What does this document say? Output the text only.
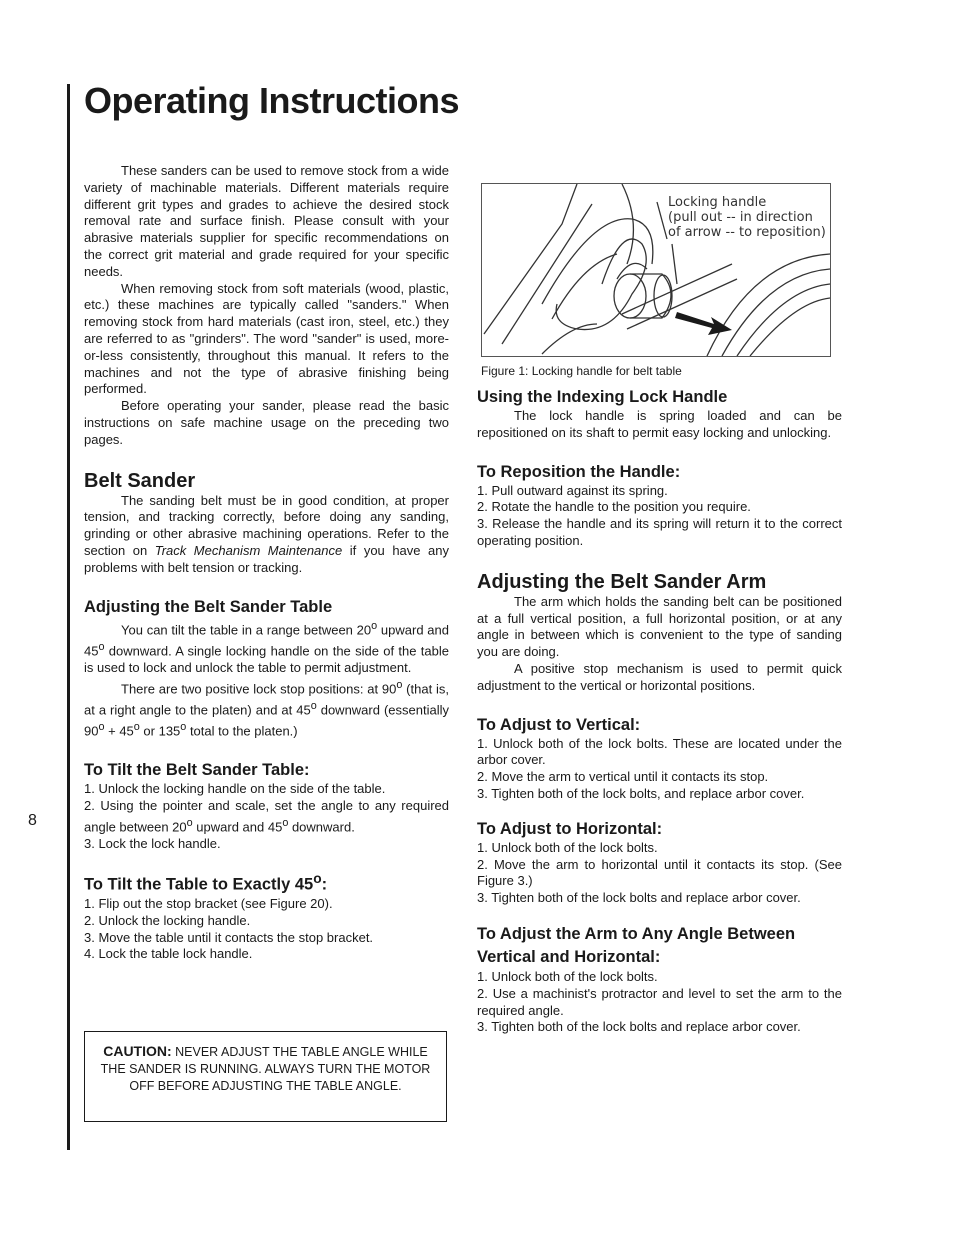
8
Operating Instructions

These sanders can be used to remove stock from a wide variety of machinable materials. Different materials require different grit types and grades to achieve the desired stock removal rate and surface finish. Please consult with your abrasive materials supplier for specific recommendations on the correct grit material and grade required for your specific needs.

When removing stock from soft materials (wood, plastic, etc.) these machines are typically called "sanders." When removing stock from hard materials (cast iron, steel, etc.) they are referred to as "grinders". The word "sander" is used, more-or-less consistently, throughout this manual. It refers to the machines and not the type of abrasive finishing being performed.

Before operating your sander, please read the basic instructions on safe machine usage on the preceding two pages.

Belt Sander

The sanding belt must be in good condition, at proper tension, and tracking correctly, before doing any sanding, grinding or other abrasive machining operations. Refer to the section on Track Mechanism Maintenance if you have any problems with belt tension or tracking.

Adjusting the Belt Sander Table

You can tilt the table in a range between 20$^o$ upward and 45$^o$ downward. A single locking handle on the side of the table is used to lock and unlock the table to permit adjustment.

There are two positive lock stop positions: at 90$^o$ (that is, at a right angle to the platen) and at 45$^o$ downward (essentially $90^o + 45^o$ or 135$^o$ total to the platen.)

To Tilt the Belt Sander Table:
1. Unlock the locking handle on the side of the table.
2. Using the pointer and scale, set the angle to any required angle between 20$^o$ upward and 45$^o$ downward.
3. Lock the lock handle.
To Tilt the Table to Exactly 45$^o$:
1. Flip out the stop bracket (see Figure 20).
2. Unlock the locking handle.
3. Move the table until it contacts the stop bracket.
4. Lock the table lock handle.
CAUTION: NEVER ADJUST THE TABLE ANGLE WHILE THE SANDER IS RUNNING. ALWAYS TURN THE MOTOR OFF BEFORE ADJUSTING THE TABLE ANGLE.
Locking handle
(pull out -- in direction
of arrow -- to reposition)
Figure 1: Locking handle for belt table
Using the Indexing Lock Handle

The lock handle is spring loaded and can be repositioned on its shaft to permit easy locking and unlocking.

To Reposition the Handle:
1. Pull outward against its spring.
2. Rotate the handle to the position you require.
3. Release the handle and its spring will return it to the correct operating position.
Adjusting the Belt Sander Arm

The arm which holds the sanding belt can be positioned at a full vertical position, a full horizontal position, or at any angle in between which is convenient to the type of sanding you are doing.

A positive stop mechanism is used to permit quick adjustment to the vertical or horizontal positions.

To Adjust to Vertical:
1. Unlock both of the lock bolts. These are located under the arbor cover.
2. Move the arm to vertical until it contacts its stop.
3. Tighten both of the lock bolts, and replace arbor cover.
To Adjust to Horizontal:
1. Unlock both of the lock bolts.
2. Move the arm to horizontal until it contacts its stop. (See Figure 3.)
3. Tighten both of the lock bolts and replace arbor cover.
To Adjust the Arm to Any Angle Between Vertical and Horizontal:
1. Unlock both of the lock bolts.
2. Use a machinist's protractor and level to set the arm to the required angle.
3. Tighten both of the lock bolts and replace arbor cover.
